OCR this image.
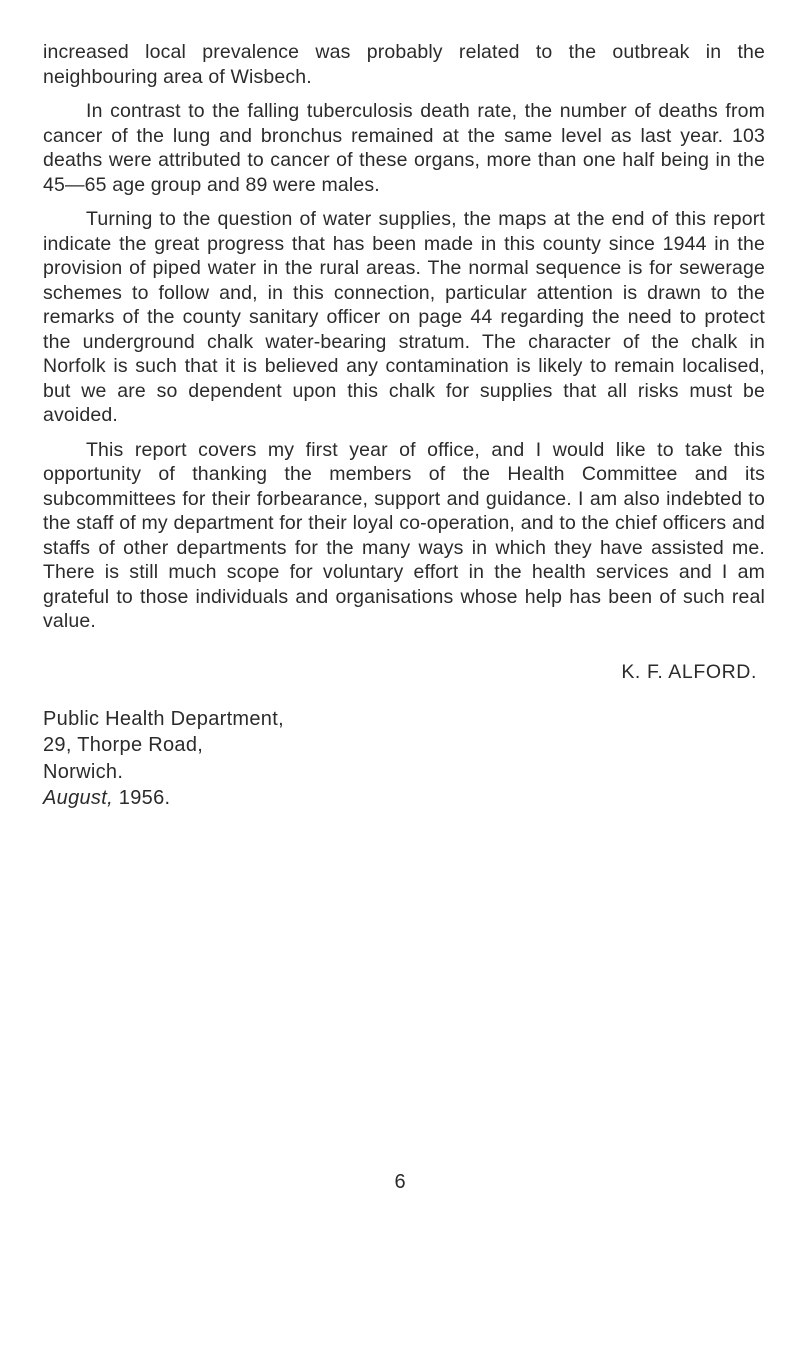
increased local prevalence was probably related to the outbreak in the neighbouring area of Wisbech.

In contrast to the falling tuberculosis death rate, the number of deaths from cancer of the lung and bronchus remained at the same level as last year. 103 deaths were attributed to cancer of these organs, more than one half being in the 45—65 age group and 89 were males.

Turning to the question of water supplies, the maps at the end of this report indicate the great progress that has been made in this county since 1944 in the provision of piped water in the rural areas. The normal sequence is for sewerage schemes to follow and, in this connection, particular attention is drawn to the remarks of the county sanitary officer on page 44 regarding the need to protect the underground chalk water-bearing stratum. The character of the chalk in Norfolk is such that it is believed any contamination is likely to remain localised, but we are so dependent upon this chalk for supplies that all risks must be avoided.

This report covers my first year of office, and I would like to take this opportunity of thanking the members of the Health Committee and its subcommittees for their forbearance, support and guidance. I am also indebted to the staff of my department for their loyal co-operation, and to the chief officers and staffs of other departments for the many ways in which they have assisted me. There is still much scope for voluntary effort in the health services and I am grateful to those individuals and organisations whose help has been of such real value.

K. F. ALFORD.
Public Health Department,
29, Thorpe Road,
Norwich.
August, 1956.
6
